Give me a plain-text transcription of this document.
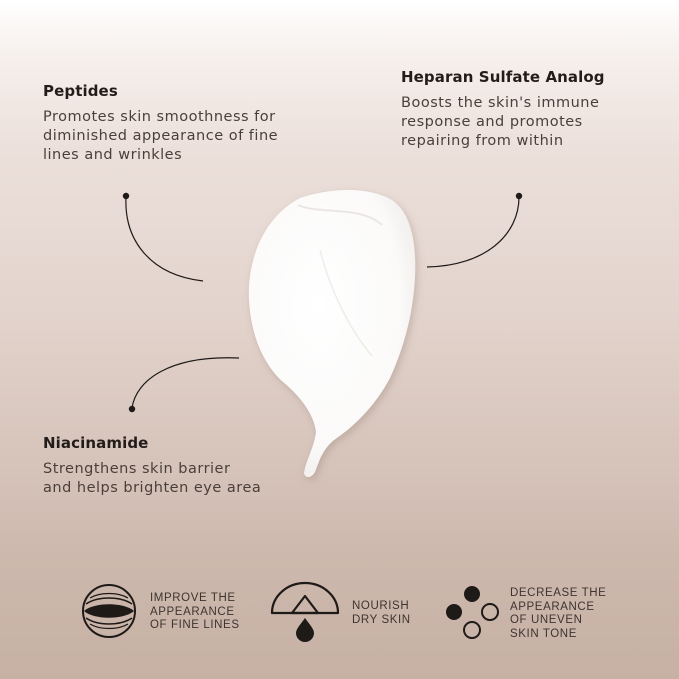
Peptides

Promotes skin smoothness for
diminished appearance of fine
lines and wrinkles

Heparan Sulfate Analog

Boosts the skin's immune
response and promotes
repairing from within

Niacinamide

Strengthens skin barrier
and helps brighten eye area

IMPROVE THE
APPEARANCE
OF FINE LINES
NOURISH
DRY SKIN
DECREASE THE
APPEARANCE
OF UNEVEN
SKIN TONE
